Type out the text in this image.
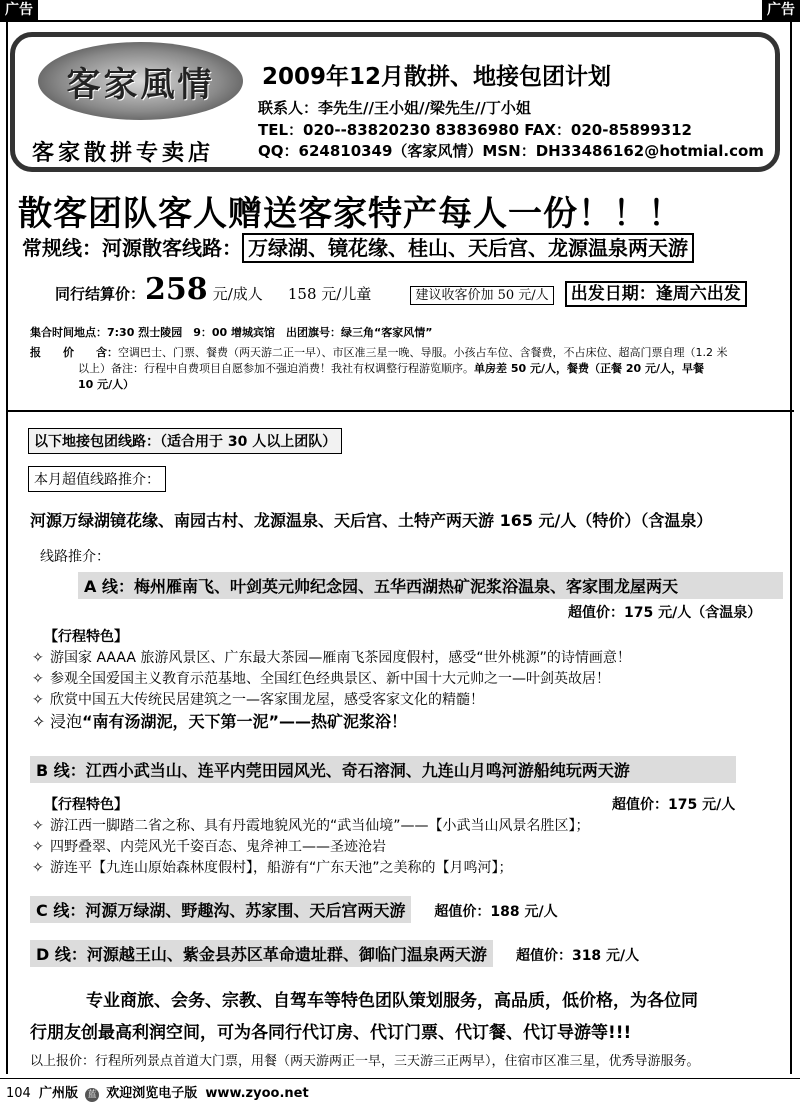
广告	广告
客家風情
客家散拼专卖店
2009年12月散拼、地接包团计划
联系人：李先生//王小姐//梁先生//丁小姐
TEL：020--83820230 83836980 FAX：020-85899312
QQ：624810349（客家风情）MSN：DH33486162@hotmial.com
散客团队客人赠送客家特产每人一份！！！
常规线：河源散客线路： 万绿湖、镜花缘、桂山、天后宫、龙源温泉两天游
同行结算价：258 元/成人 158 元/儿童	建议收客价加 50 元/人 出发日期：逢周六出发
集合时间地点：7:30 烈士陵园　9：00 增城宾馆　出团旗号：绿三角“客家风情”
报　　价　　含：空调巴士、门票、餐费（两天游二正一早）、市区准三星一晚、导服。小孩占车位、含餐费，不占床位、超高门票自理（1.2 米
以上）备注：行程中自费项目自愿参加不强迫消费！我社有权调整行程游览顺序。单房差 50 元/人，餐费（正餐 20 元/人，早餐
10 元/人）
以下地接包团线路：（适合用于 30 人以上团队）
本月超值线路推介：
河源万绿湖镜花缘、南园古村、龙源温泉、天后宫、土特产两天游 165 元/人（特价）（含温泉）
线路推介：
A 线：梅州雁南飞、叶剑英元帅纪念园、五华西湖热矿泥浆浴温泉、客家围龙屋两天
超值价：175 元/人（含温泉）
【行程特色】
✧ 游国家 AAAA 旅游风景区、广东最大茶园—雁南飞茶园度假村，感受“世外桃源”的诗情画意！
✧ 参观全国爱国主义教育示范基地、全国红色经典景区、新中国十大元帅之一—叶剑英故居！
✧ 欣赏中国五大传统民居建筑之一—客家围龙屋，感受客家文化的精髓！
✧ 浸泡“南有汤湖泥，天下第一泥”——热矿泥浆浴！
B 线：江西小武当山、连平内莞田园风光、奇石溶洞、九连山月鸣河游船纯玩两天游
【行程特色】	超值价：175 元/人
✧ 游江西一脚踏二省之称、具有丹霞地貌风光的“武当仙境”——【小武当山风景名胜区】；
✧ 四野叠翠、内莞风光千姿百态、鬼斧神工——圣迹沧岩
✧ 游连平【九连山原始森林度假村】，船游有“广东天池”之美称的【月鸣河】；
C 线：河源万绿湖、野趣沟、苏家围、天后宫两天游 超值价：188 元/人
D 线：河源越王山、紫金县苏区革命遗址群、御临门温泉两天游 超值价：318 元/人
专业商旅、会务、宗教、自驾车等特色团队策划服务，高品质，低价格，为各位同
行朋友创最高利润空间，可为各同行代订房、代订门票、代订餐、代订导游等!!!
以上报价：行程所列景点首道大门票，用餐（两天游两正一早，三天游三正两早），住宿市区准三星，优秀导游服务。
104 广州版 蓝 欢迎浏览电子版 www.zyoo.net
